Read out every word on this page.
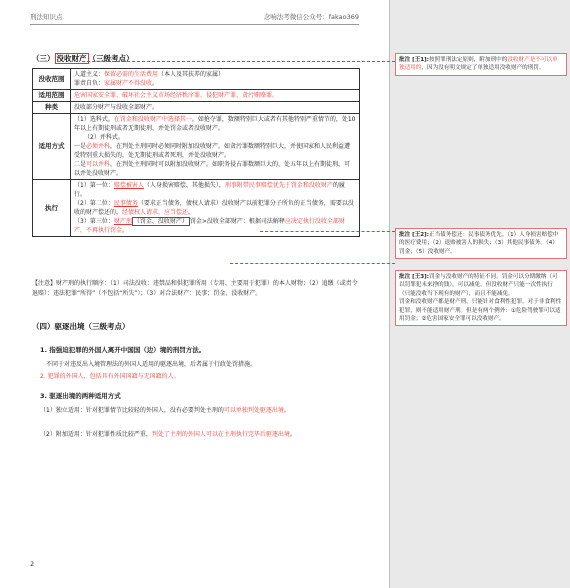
刑法知识点	念响法考微信公众号：fakao369
（三） 没收财产 （三级考点）
没收范围	人道主义：保留必需的生活费用（本人及其扶养的家属）
罪责自负：家属财产不得没收。

适用范围	危害国家安全罪、破坏社会主义市场经济秩序罪、侵犯财产罪、贪污贿赂罪。
种类	没收部分财产与没收全部财产。
适用方式	（1）选科式。在罚金和没收财产中选择其一。如抢夺罪，数额特别巨大或者有其他特别严重情节的，处10年以上有期徒刑或者无期徒刑，并处罚金或者没收财产。
（2）并科式。
一是必须并科，在判处主刑同时必须同时附加没收财产。如贪污罪数额特别巨大，并使国家和人民利益遭受特别重大损失的，处无期徒刑或者死刑，并处没收财产。
二是可以并科，在判处主刑同时可以附加没收财产。如职务侵占罪数额巨大的，处五年以上有期徒刑，可以并处没收财产。

执行	（1）第一位：赔偿被害人（人身损害赔偿、其他损失），刑事附带民事赔偿优先于罚金和没收财产的履行。
（2）第二位：民事债务（要求正当债务，债权人请求）没收财产以前犯罪分子所负的正当债务，需要以没收的财产偿还的，经债权人请求，应当偿还。
（3）第三位：财产刑 （罚金、没收财产） 罚金>没收全部财产：根据司法解释应决定执行没收全部财产，不再执行罚金。
【注意】财产刑的执行顺序：（1）司法没收：违禁品和供犯罪所用（专用、主要用于犯罪）的本人财物；（2）追缴（或责令退赔）：违法犯罪“所得”（不包括“所失”）；（3）对合法财产：民事；罚金、没收财产。
（四）驱逐出境（三级考点）
1. 指强迫犯罪的外国人离开中国国（边）境的刑罚方法。
不同于对违反出入境管理法的外国人适用的驱逐出境，后者属于行政处罚措施。
2. 犯罪的外国人，包括具有外国国籍与无国籍的人。
3. 驱逐出境的两种适用方式
（1）独立适用：针对犯罪情节比较轻的外国人，没有必要判处主刑的可以单独判处驱逐出境。
（2）附加适用：针对犯罪性质比较严重，判处了主刑的外国人可以在主刑执行完毕后驱逐出境。
2
批注 [王1]:按照罪刑法定原则，附加刑中的没收财产是不可以单独适用的，因为没有明文规定了单独适用没收财产的刑罚。
批注 [王2]:正当债务偿还：民事债务优先。（1）人身损害赔偿中的医疗费用；（2）退赔被害人的损失；（3）其他民事债务。（4）罚金；（5）没收财产。
批注 [王3]:罚金与没收财产的特征不同。罚金可以分期缴纳（可以罚罪犯未来挣的钱），可以减免。但没收财产只能一次性执行（只能没收当下现有的财产），而且不能减免。
罚金和没收财产都是财产刑，只能针对食利性犯罪。对于非食利性犯罪，则不能适用财产刑。但是有两个例外：①危险驾驶罪可以适用罚金；②危害国家安全罪可以没收财产。
